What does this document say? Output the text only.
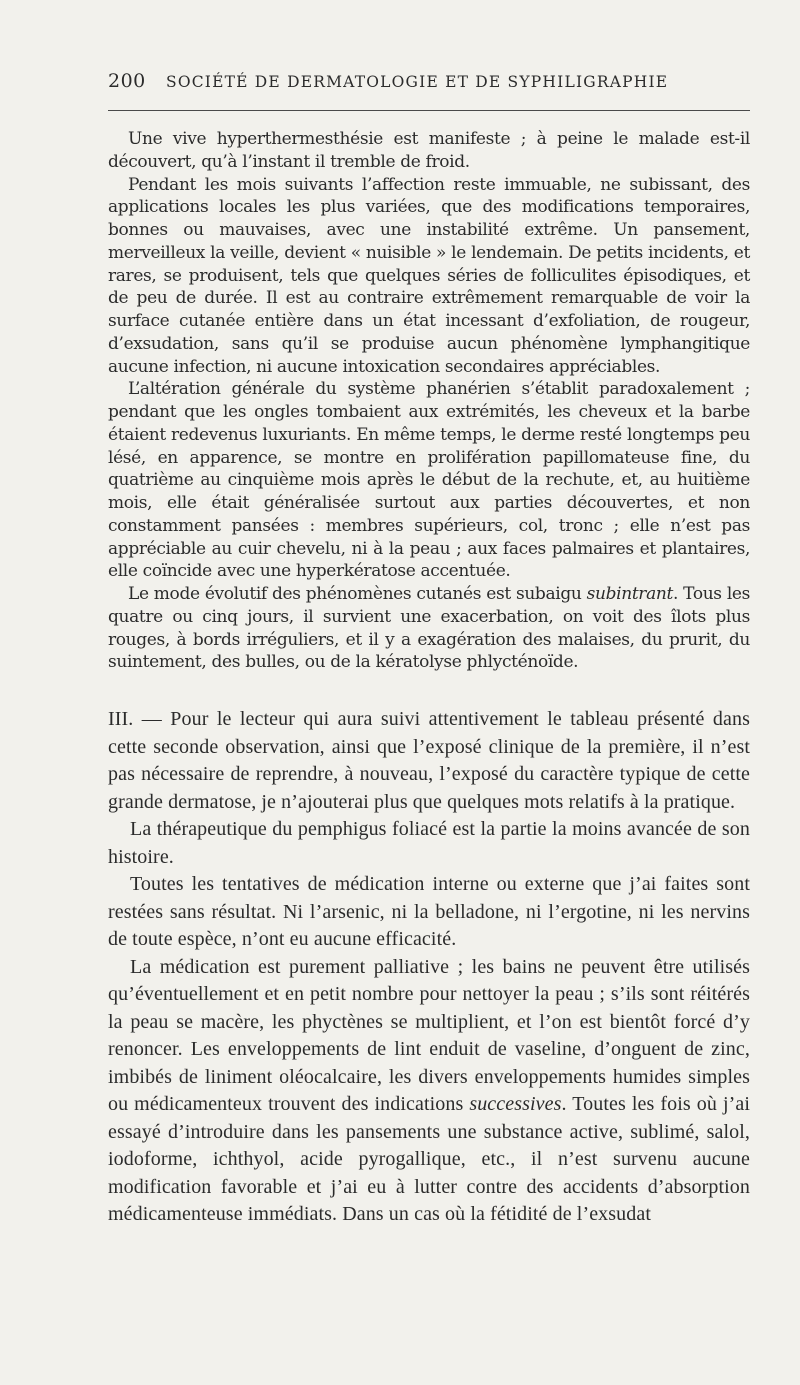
200	SOCIÉTÉ DE DERMATOLOGIE ET DE SYPHILIGRAPHIE

Une vive hyperthermesthésie est manifeste ; à peine le malade est-il découvert, qu’à l’instant il tremble de froid.

Pendant les mois suivants l’affection reste immuable, ne subissant, des applications locales les plus variées, que des modifications temporaires, bonnes ou mauvaises, avec une instabilité extrême. Un pansement, merveilleux la veille, devient « nuisible » le lendemain. De petits incidents, et rares, se produisent, tels que quelques séries de folliculites épisodiques, et de peu de durée. Il est au contraire extrêmement remarquable de voir la surface cutanée entière dans un état incessant d’exfoliation, de rougeur, d’exsudation, sans qu’il se produise aucun phénomène lymphangitique aucune infection, ni aucune intoxication secondaires appréciables.

L’altération générale du système phanérien s’établit paradoxalement ; pendant que les ongles tombaient aux extrémités, les cheveux et la barbe étaient redevenus luxuriants. En même temps, le derme resté longtemps peu lésé, en apparence, se montre en prolifération papillomateuse fine, du quatrième au cinquième mois après le début de la rechute, et, au huitième mois, elle était généralisée surtout aux parties découvertes, et non constamment pansées : membres supérieurs, col, tronc ; elle n’est pas appréciable au cuir chevelu, ni à la peau ; aux faces palmaires et plantaires, elle coïncide avec une hyperkératose accentuée.

Le mode évolutif des phénomènes cutanés est subaigu subintrant. Tous les quatre ou cinq jours, il survient une exacerbation, on voit des îlots plus rouges, à bords irréguliers, et il y a exagération des malaises, du prurit, du suintement, des bulles, ou de la kératolyse phlycténoïde.

III. — Pour le lecteur qui aura suivi attentivement le tableau présenté dans cette seconde observation, ainsi que l’exposé clinique de la première, il n’est pas nécessaire de reprendre, à nouveau, l’exposé du caractère typique de cette grande dermatose, je n’ajouterai plus que quelques mots relatifs à la pratique.

La thérapeutique du pemphigus foliacé est la partie la moins avancée de son histoire.

Toutes les tentatives de médication interne ou externe que j’ai faites sont restées sans résultat. Ni l’arsenic, ni la belladone, ni l’ergotine, ni les nervins de toute espèce, n’ont eu aucune efficacité.

La médication est purement palliative ; les bains ne peuvent être utilisés qu’éventuellement et en petit nombre pour nettoyer la peau ; s’ils sont réitérés la peau se macère, les phyctènes se multiplient, et l’on est bientôt forcé d’y renoncer. Les enveloppements de lint enduit de vaseline, d’onguent de zinc, imbibés de liniment oléocalcaire, les divers enveloppements humides simples ou médicamenteux trouvent des indications successives. Toutes les fois où j’ai essayé d’introduire dans les pansements une substance active, sublimé, salol, iodoforme, ichthyol, acide pyrogallique, etc., il n’est survenu aucune modification favorable et j’ai eu à lutter contre des accidents d’absorption médicamenteuse immédiats. Dans un cas où la fétidité de l’exsudat
